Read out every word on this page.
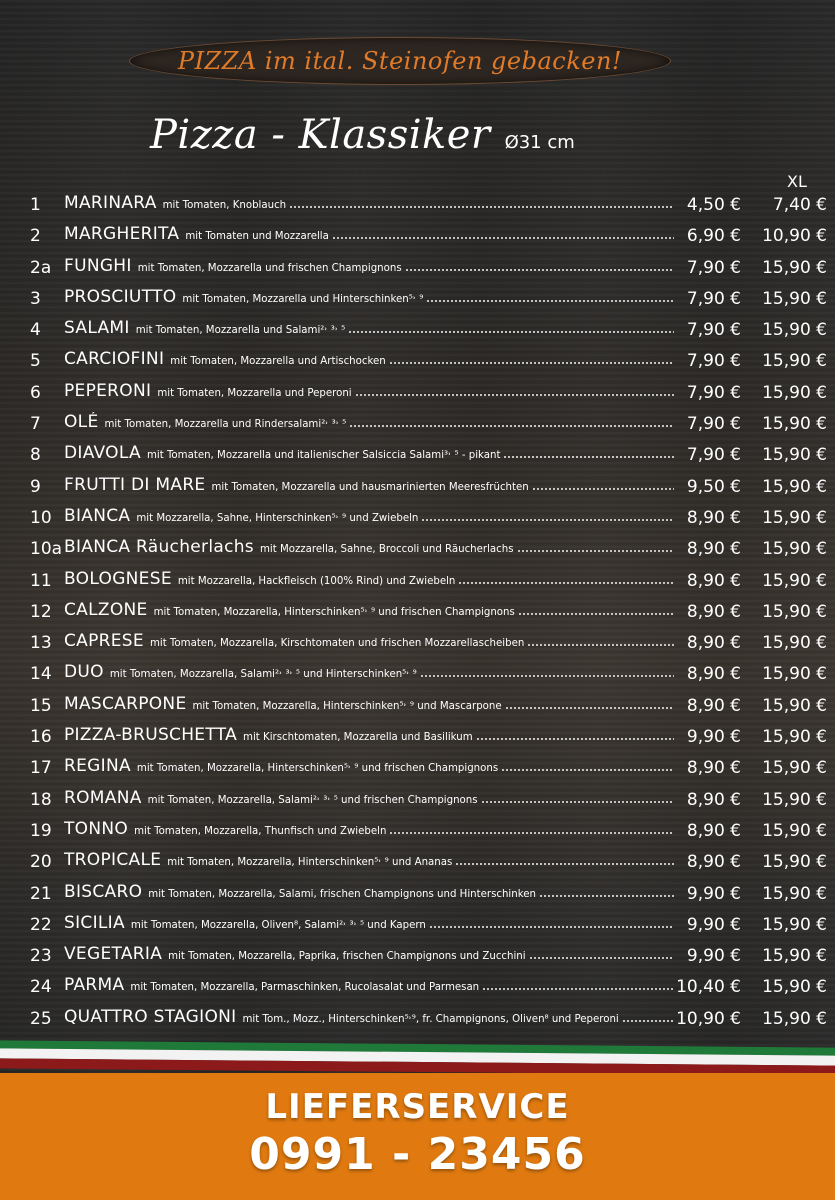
PIZZA im ital. Steinofen gebacken!
Pizza - Klassiker Ø31 cm
XL
1 MARINARA mit Tomaten, Knoblauch	4,50 € 7,40 €
2 MARGHERITA mit Tomaten und Mozzarella	6,90 € 10,90 €
2a FUNGHI mit Tomaten, Mozzarella und frischen Champignons	7,90 € 15,90 €
3 PROSCIUTTO mit Tomaten, Mozzarella und Hinterschinken⁵˒ ⁹	7,90 € 15,90 €
4 SALAMI mit Tomaten, Mozzarella und Salami²˒ ³˒ ⁵	7,90 € 15,90 €
5 CARCIOFINI mit Tomaten, Mozzarella und Artischocken	7,90 € 15,90 €
6 PEPERONI mit Tomaten, Mozzarella und Peperoni	7,90 € 15,90 €
7 OLÉ mit Tomaten, Mozzarella und Rindersalami²˒ ³˒ ⁵	7,90 € 15,90 €
8 DIAVOLA mit Tomaten, Mozzarella und italienischer Salsiccia Salami³˒ ⁵ - pikant	7,90 € 15,90 €
9 FRUTTI DI MARE mit Tomaten, Mozzarella und hausmarinierten Meeresfrüchten	9,50 € 15,90 €
10 BIANCA mit Mozzarella, Sahne, Hinterschinken⁵˒ ⁹ und Zwiebeln	8,90 € 15,90 €
10a BIANCA Räucherlachs mit Mozzarella, Sahne, Broccoli und Räucherlachs	8,90 € 15,90 €
11 BOLOGNESE mit Mozzarella, Hackfleisch (100% Rind) und Zwiebeln	8,90 € 15,90 €
12 CALZONE mit Tomaten, Mozzarella, Hinterschinken⁵˒ ⁹ und frischen Champignons	8,90 € 15,90 €
13 CAPRESE mit Tomaten, Mozzarella, Kirschtomaten und frischen Mozzarellascheiben	8,90 € 15,90 €
14 DUO mit Tomaten, Mozzarella, Salami²˒ ³˒ ⁵ und Hinterschinken⁵˒ ⁹	8,90 € 15,90 €
15 MASCARPONE mit Tomaten, Mozzarella, Hinterschinken⁵˒ ⁹ und Mascarpone	8,90 € 15,90 €
16 PIZZA-BRUSCHETTA mit Kirschtomaten, Mozzarella und Basilikum	9,90 € 15,90 €
17 REGINA mit Tomaten, Mozzarella, Hinterschinken⁵˒ ⁹ und frischen Champignons	8,90 € 15,90 €
18 ROMANA mit Tomaten, Mozzarella, Salami²˒ ³˒ ⁵ und frischen Champignons	8,90 € 15,90 €
19 TONNO mit Tomaten, Mozzarella, Thunfisch und Zwiebeln	8,90 € 15,90 €
20 TROPICALE mit Tomaten, Mozzarella, Hinterschinken⁵˒ ⁹ und Ananas	8,90 € 15,90 €
21 BISCARO mit Tomaten, Mozzarella, Salami, frischen Champignons und Hinterschinken	9,90 € 15,90 €
22 SICILIA mit Tomaten, Mozzarella, Oliven⁸, Salami²˒ ³˒ ⁵ und Kapern	9,90 € 15,90 €
23 VEGETARIA mit Tomaten, Mozzarella, Paprika, frischen Champignons und Zucchini	9,90 € 15,90 €
24 PARMA mit Tomaten, Mozzarella, Parmaschinken, Rucolasalat und Parmesan	10,40 € 15,90 €
25 QUATTRO STAGIONI mit Tom., Mozz., Hinterschinken⁵˒⁹, fr. Champignons, Oliven⁸ und Peperoni	10,90 € 15,90 €
LIEFERSERVICE
0991 - 23456
